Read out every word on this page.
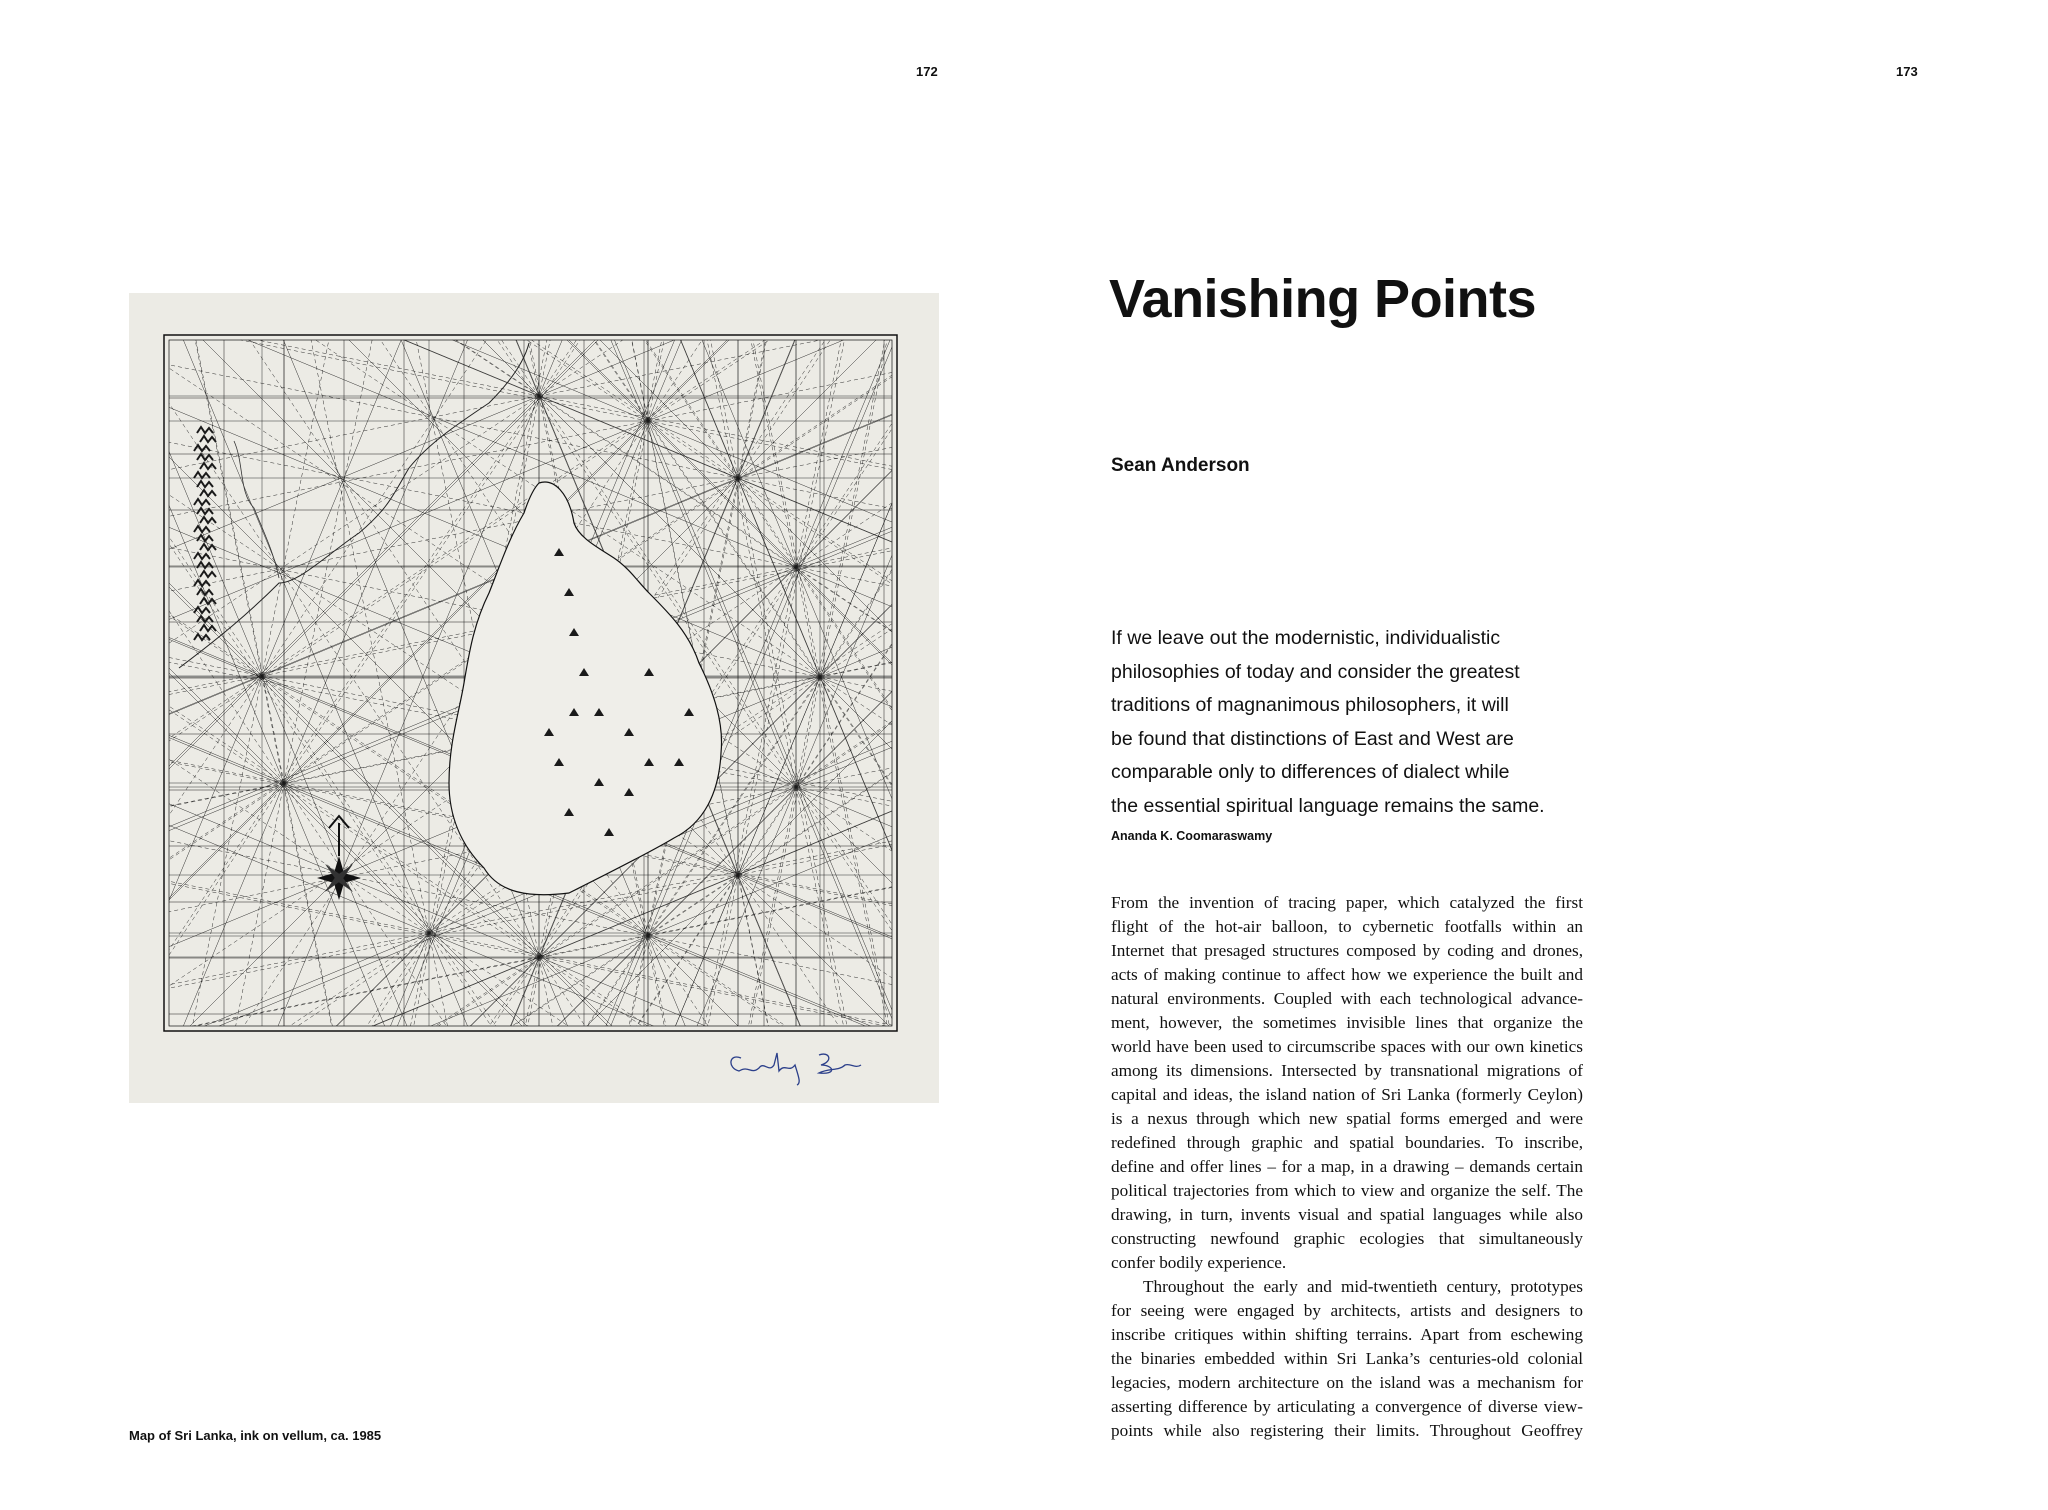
172	173
Map of Sri Lanka, ink on vellum, ca. 1985
Vanishing Points
Sean Anderson
If we leave out the modernistic, individualistic
philosophies of today and consider the greatest
traditions of magnanimous philosophers, it will
be found that distinctions of East and West are
comparable only to differences of dialect while
the essential spiritual language remains the same.
Ananda K. Coomaraswamy
From the invention of tracing paper, which catalyzed the first
flight of the hot-air balloon, to cybernetic footfalls within an
Internet that presaged structures composed by coding and drones,
acts of making continue to affect how we experience the built and
natural environments. Coupled with each technological advance-
ment, however, the sometimes invisible lines that organize the
world have been used to circumscribe spaces with our own kinetics
among its dimensions. Intersected by transnational migrations of
capital and ideas, the island nation of Sri Lanka (formerly Ceylon)
is a nexus through which new spatial forms emerged and were
redefined through graphic and spatial boundaries. To inscribe,
define and offer lines – for a map, in a drawing – demands certain
political trajectories from which to view and organize the self. The
drawing, in turn, invents visual and spatial languages while also
constructing newfound graphic ecologies that simultaneously
confer bodily experience.
Throughout the early and mid-twentieth century, prototypes
for seeing were engaged by architects, artists and designers to
inscribe critiques within shifting terrains. Apart from eschewing
the binaries embedded within Sri Lanka’s centuries-old colonial
legacies, modern architecture on the island was a mechanism for
asserting difference by articulating a convergence of diverse view-
points while also registering their limits. Throughout Geoffrey
